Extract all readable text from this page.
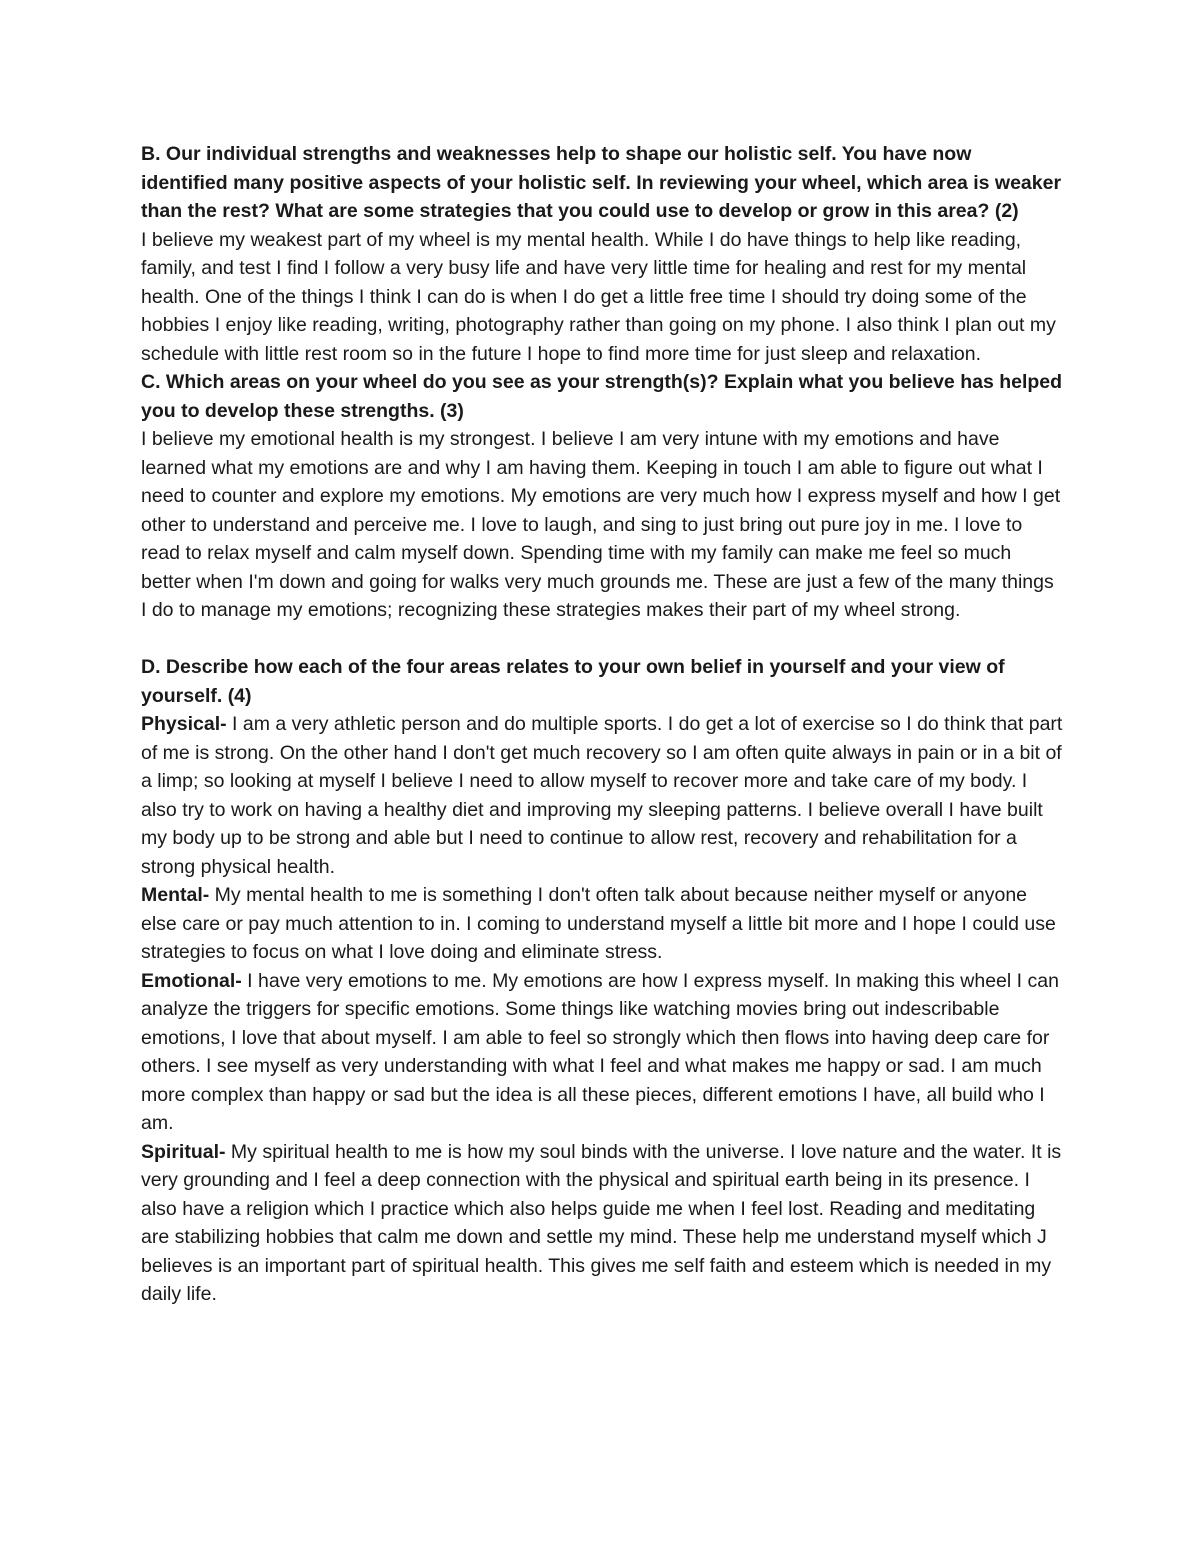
B. Our individual strengths and weaknesses help to shape our holistic self. You have now identified many positive aspects of your holistic self. In reviewing your wheel, which area is weaker than the rest? What are some strategies that you could use to develop or grow in this area? (2)

I believe my weakest part of my wheel is my mental health. While I do have things to help like reading, family, and test I find I follow a very busy life and have very little time for healing and rest for my mental health. One of the things I think I can do is when I do get a little free time I should try doing some of the hobbies I enjoy like reading, writing, photography rather than going on my phone. I also think I plan out my schedule with little rest room so in the future I hope to find more time for just sleep and relaxation.

C. Which areas on your wheel do you see as your strength(s)? Explain what you believe has helped you to develop these strengths. (3)

I believe my emotional health is my strongest. I believe I am very intune with my emotions and have learned what my emotions are and why I am having them. Keeping in touch I am able to figure out what I need to counter and explore my emotions. My emotions are very much how I express myself and how I get other to understand and perceive me. I love to laugh, and sing to just bring out pure joy in me. I love to read to relax myself and calm myself down. Spending time with my family can make me feel so much better when I'm down and going for walks very much grounds me. These are just a few of the many things I do to manage my emotions; recognizing these strategies makes their part of my wheel strong.

D. Describe how each of the four areas relates to your own belief in yourself and your view of yourself. (4)

Physical- I am a very athletic person and do multiple sports. I do get a lot of exercise so I do think that part of me is strong. On the other hand I don't get much recovery so I am often quite always in pain or in a bit of a limp; so looking at myself I believe I need to allow myself to recover more and take care of my body. I also try to work on having a healthy diet and improving my sleeping patterns. I believe overall I have built my body up to be strong and able but I need to continue to allow rest, recovery and rehabilitation for a strong physical health.

Mental- My mental health to me is something I don't often talk about because neither myself or anyone else care or pay much attention to in. I coming to understand myself a little bit more and I hope I could use strategies to focus on what I love doing and eliminate stress.

Emotional- I have very emotions to me. My emotions are how I express myself. In making this wheel I can analyze the triggers for specific emotions. Some things like watching movies bring out indescribable emotions, I love that about myself. I am able to feel so strongly which then flows into having deep care for others. I see myself as very understanding with what I feel and what makes me happy or sad. I am much more complex than happy or sad but the idea is all these pieces, different emotions I have, all build who I am.

Spiritual- My spiritual health to me is how my soul binds with the universe. I love nature and the water. It is very grounding and I feel a deep connection with the physical and spiritual earth being in its presence. I also have a religion which I practice which also helps guide me when I feel lost. Reading and meditating are stabilizing hobbies that calm me down and settle my mind. These help me understand myself which J believes is an important part of spiritual health. This gives me self faith and esteem which is needed in my daily life.
